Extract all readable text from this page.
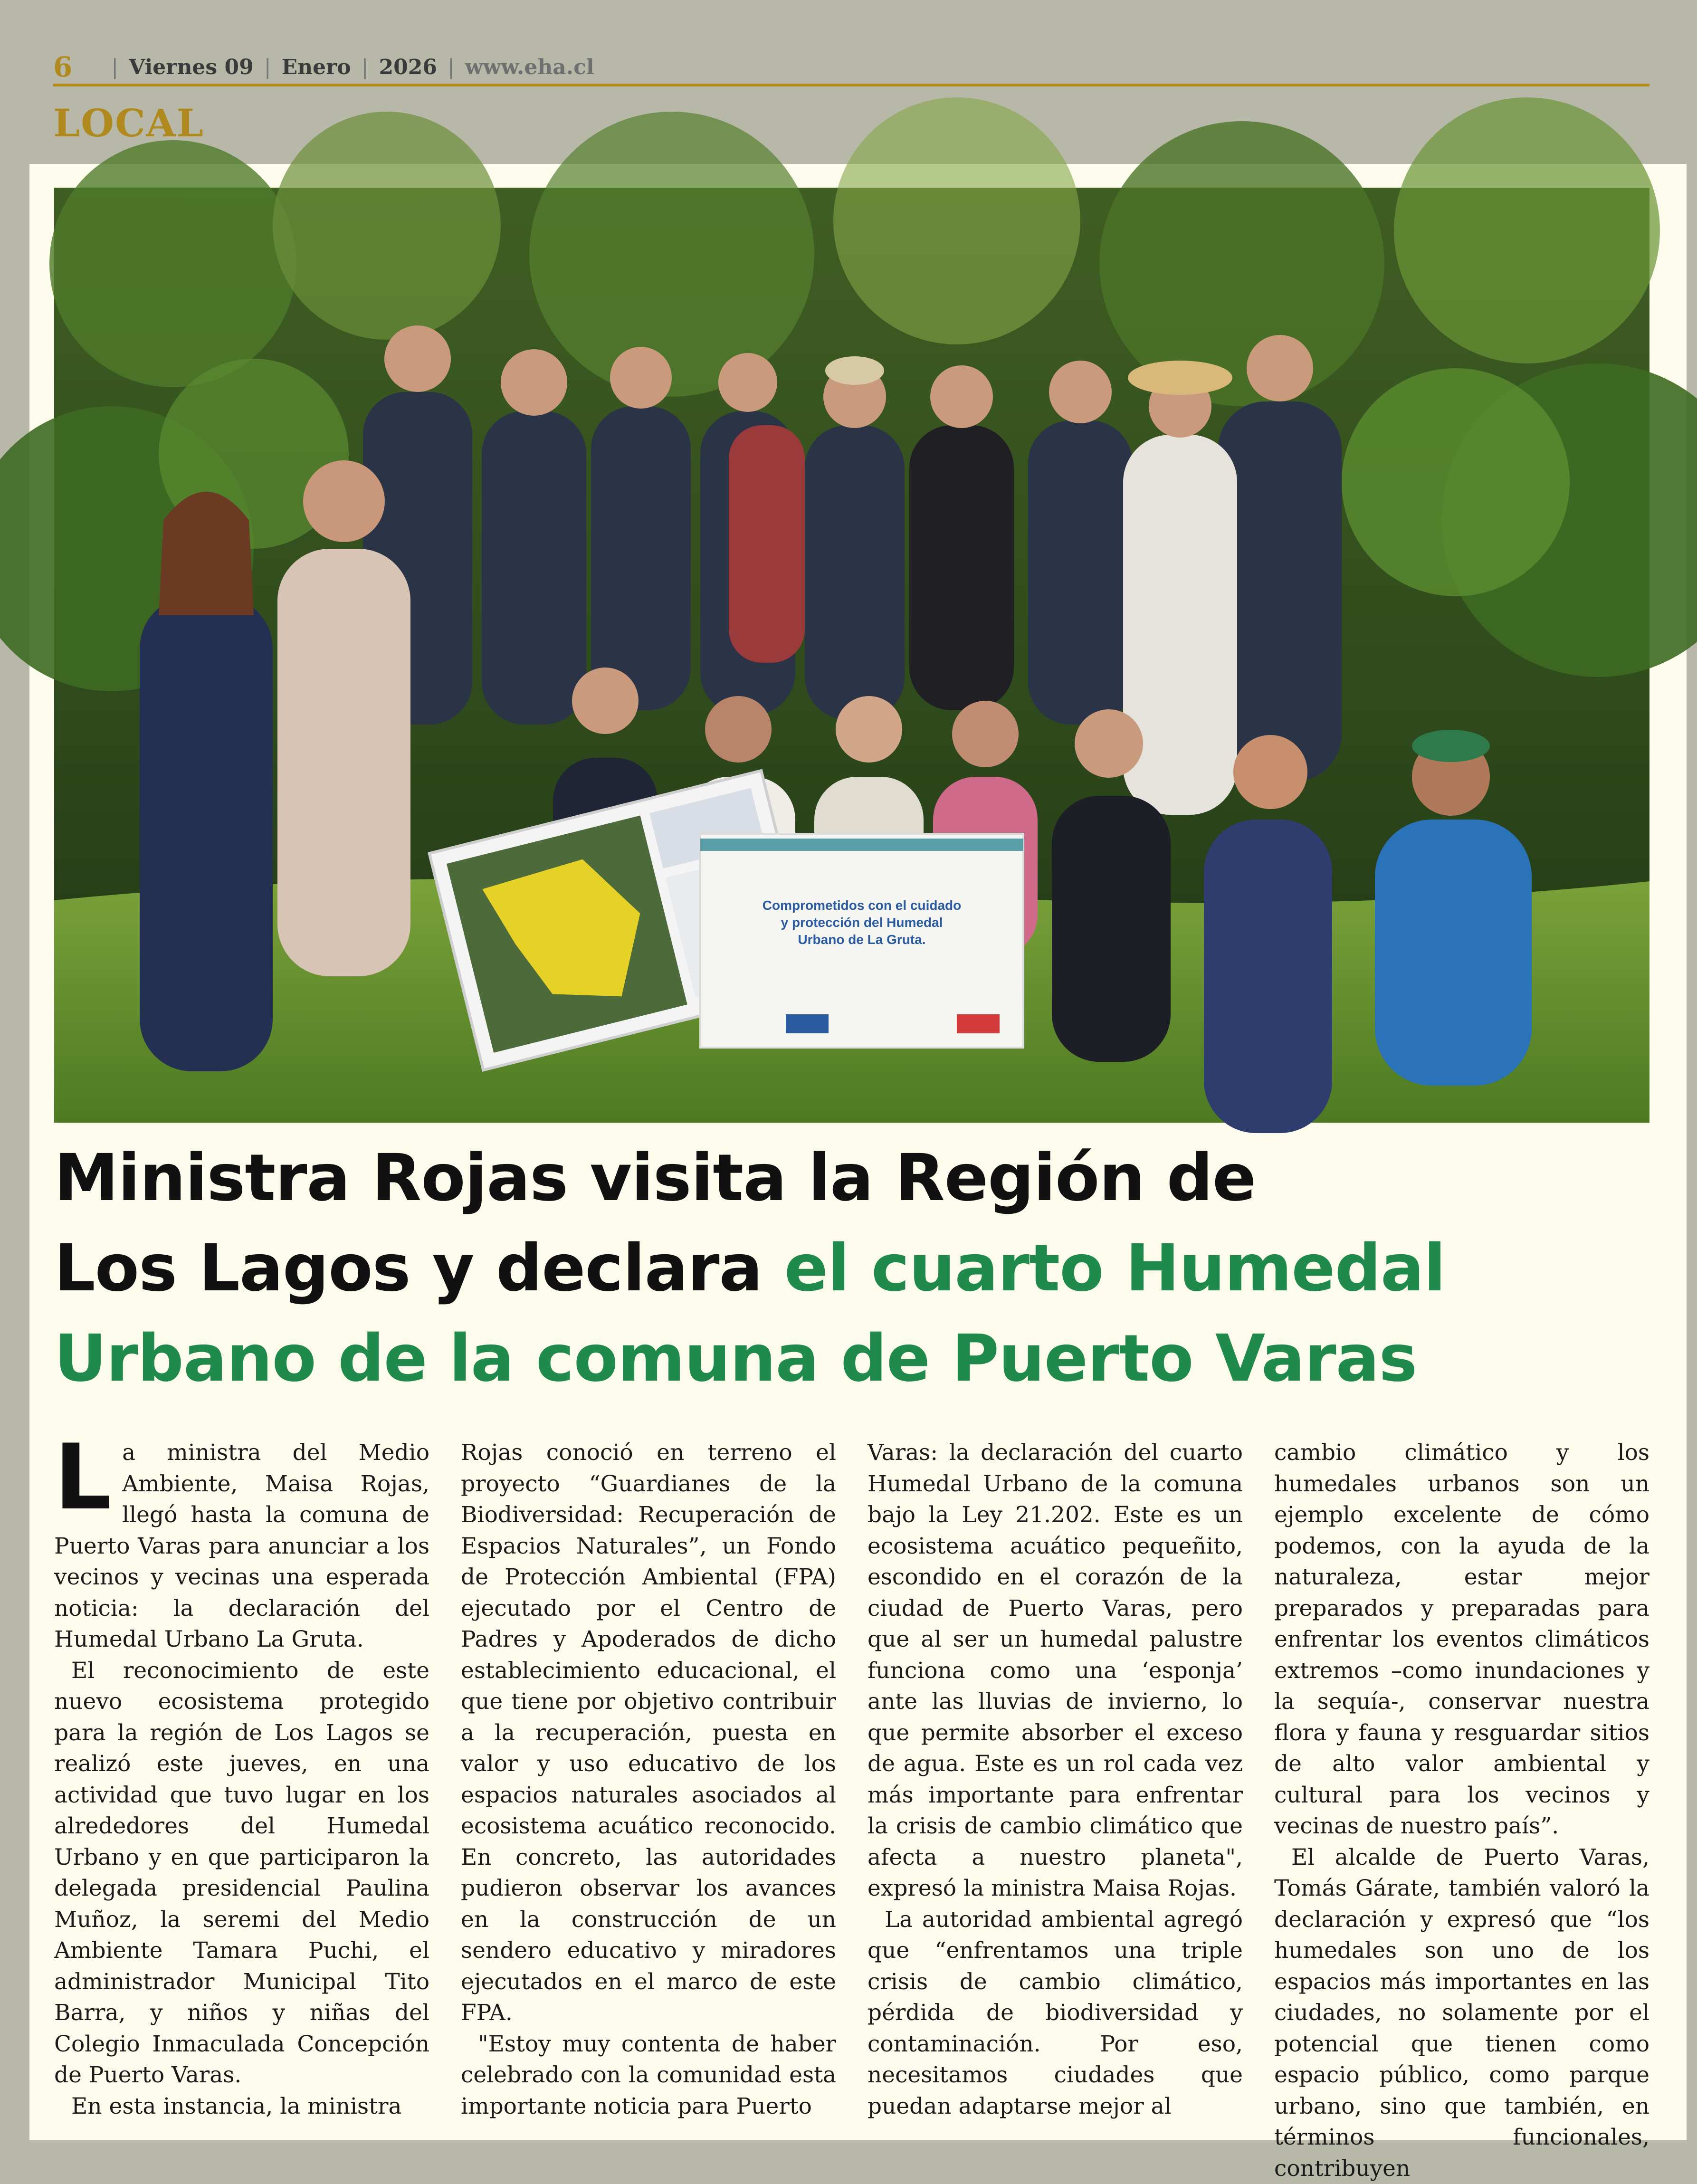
6 | Viernes 09 | Enero | 2026 | www.eha.cl
LOCAL
Comprometidos con el cuidado
y protección del Humedal
Urbano de La Gruta.
Ministra Rojas visita la Región de
Los Lagos y declara el cuarto Humedal
Urbano de la comuna de Puerto Varas

La ministra del Medio Ambiente, Maisa Rojas, llegó hasta la comuna de Puerto Varas para anunciar a los vecinos y vecinas una esperada noticia: la declaración del Humedal Urbano La Gruta.

El reconocimiento de este nuevo ecosistema protegido para la región de Los Lagos se realizó este jueves, en una actividad que tuvo lugar en los alrededores del Humedal Urbano y en que participaron la delegada presidencial Paulina Muñoz, la seremi del Medio Ambiente Tamara Puchi, el administrador Municipal Tito Barra, y niños y niñas del Colegio Inmaculada Concepción de Puerto Varas.

En esta instancia, la ministra

Rojas conoció en terreno el proyecto “Guardianes de la Biodiversidad: Recuperación de Espacios Naturales”, un Fondo de Protección Ambiental (FPA) ejecutado por el Centro de Padres y Apoderados de dicho establecimiento educacional, el que tiene por objetivo contribuir a la recuperación, puesta en valor y uso educativo de los espacios naturales asociados al ecosistema acuático reconocido. En concreto, las autoridades pudieron observar los avances en la construcción de un sendero educativo y miradores ejecutados en el marco de este FPA.

"Estoy muy contenta de haber celebrado con la comunidad esta importante noticia para Puerto

Varas: la declaración del cuarto Humedal Urbano de la comuna bajo la Ley 21.202. Este es un ecosistema acuático pequeñito, escondido en el corazón de la ciudad de Puerto Varas, pero que al ser un humedal palustre funciona como una ‘esponja’ ante las lluvias de invierno, lo que permite absorber el exceso de agua. Este es un rol cada vez más importante para enfrentar la crisis de cambio climático que afecta a nuestro planeta", expresó la ministra Maisa Rojas.

La autoridad ambiental agregó que “enfrentamos una triple crisis de cambio climático, pérdida de biodiversidad y contaminación. Por eso, necesitamos ciudades que puedan adaptarse mejor al

cambio climático y los humedales urbanos son un ejemplo excelente de cómo podemos, con la ayuda de la naturaleza, estar mejor preparados y preparadas para enfrentar los eventos climáticos extremos –como inundaciones y la sequía-, conservar nuestra flora y fauna y resguardar sitios de alto valor ambiental y cultural para los vecinos y vecinas de nuestro país”.

El alcalde de Puerto Varas, Tomás Gárate, también valoró la declaración y expresó que “los humedales son uno de los espacios más importantes en las ciudades, no solamente por el potencial que tienen como espacio público, como parque urbano, sino que también, en términos funcionales, contribuyen
